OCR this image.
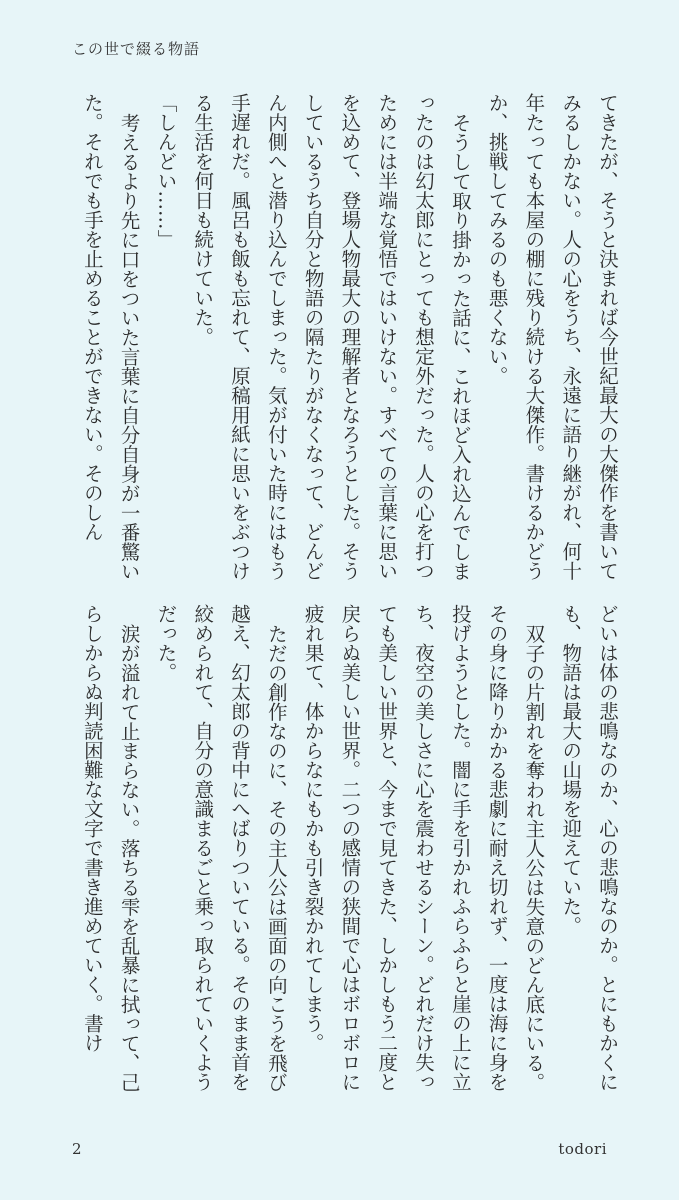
この世で綴る物語

てきたが、そうと決まれば今世紀最大の大傑作を書いてみるしかない。人の心をうち、永遠に語り継がれ、何十年たっても本屋の棚に残り続ける大傑作。書けるかどうか、挑戦してみるのも悪くない。

そうして取り掛かった話に、これほど入れ込んでしまったのは幻太郎にとっても想定外だった。人の心を打つためには半端な覚悟ではいけない。すべての言葉に思いを込めて、登場人物最大の理解者となろうとした。そうしているうち自分と物語の隔たりがなくなって、どんどん内側へと潜り込んでしまった。気が付いた時にはもう手遅れだ。風呂も飯も忘れて、原稿用紙に思いをぶつける生活を何日も続けていた。

「しんどい……」

考えるより先に口をついた言葉に自分自身が一番驚いた。それでも手を止めることができない。そのしん

どいは体の悲鳴なのか、心の悲鳴なのか。とにもかくにも、物語は最大の山場を迎えていた。

双子の片割れを奪われ主人公は失意のどん底にいる。その身に降りかかる悲劇に耐え切れず、一度は海に身を投げようとした。闇に手を引かれふらふらと崖の上に立ち、夜空の美しさに心を震わせるシーン。どれだけ失っても美しい世界と、今まで見てきた、しかしもう二度と戻らぬ美しい世界。二つの感情の狭間で心はボロボロに疲れ果て、体からなにもかも引き裂かれてしまう。

ただの創作なのに、その主人公は画面の向こうを飛び越え、幻太郎の背中にへばりついている。そのまま首を絞められて、自分の意識まるごと乗っ取られていくようだった。

涙が溢れて止まらない。落ちる雫を乱暴に拭って、己らしからぬ判読困難な文字で書き進めていく。書け

2	todori
